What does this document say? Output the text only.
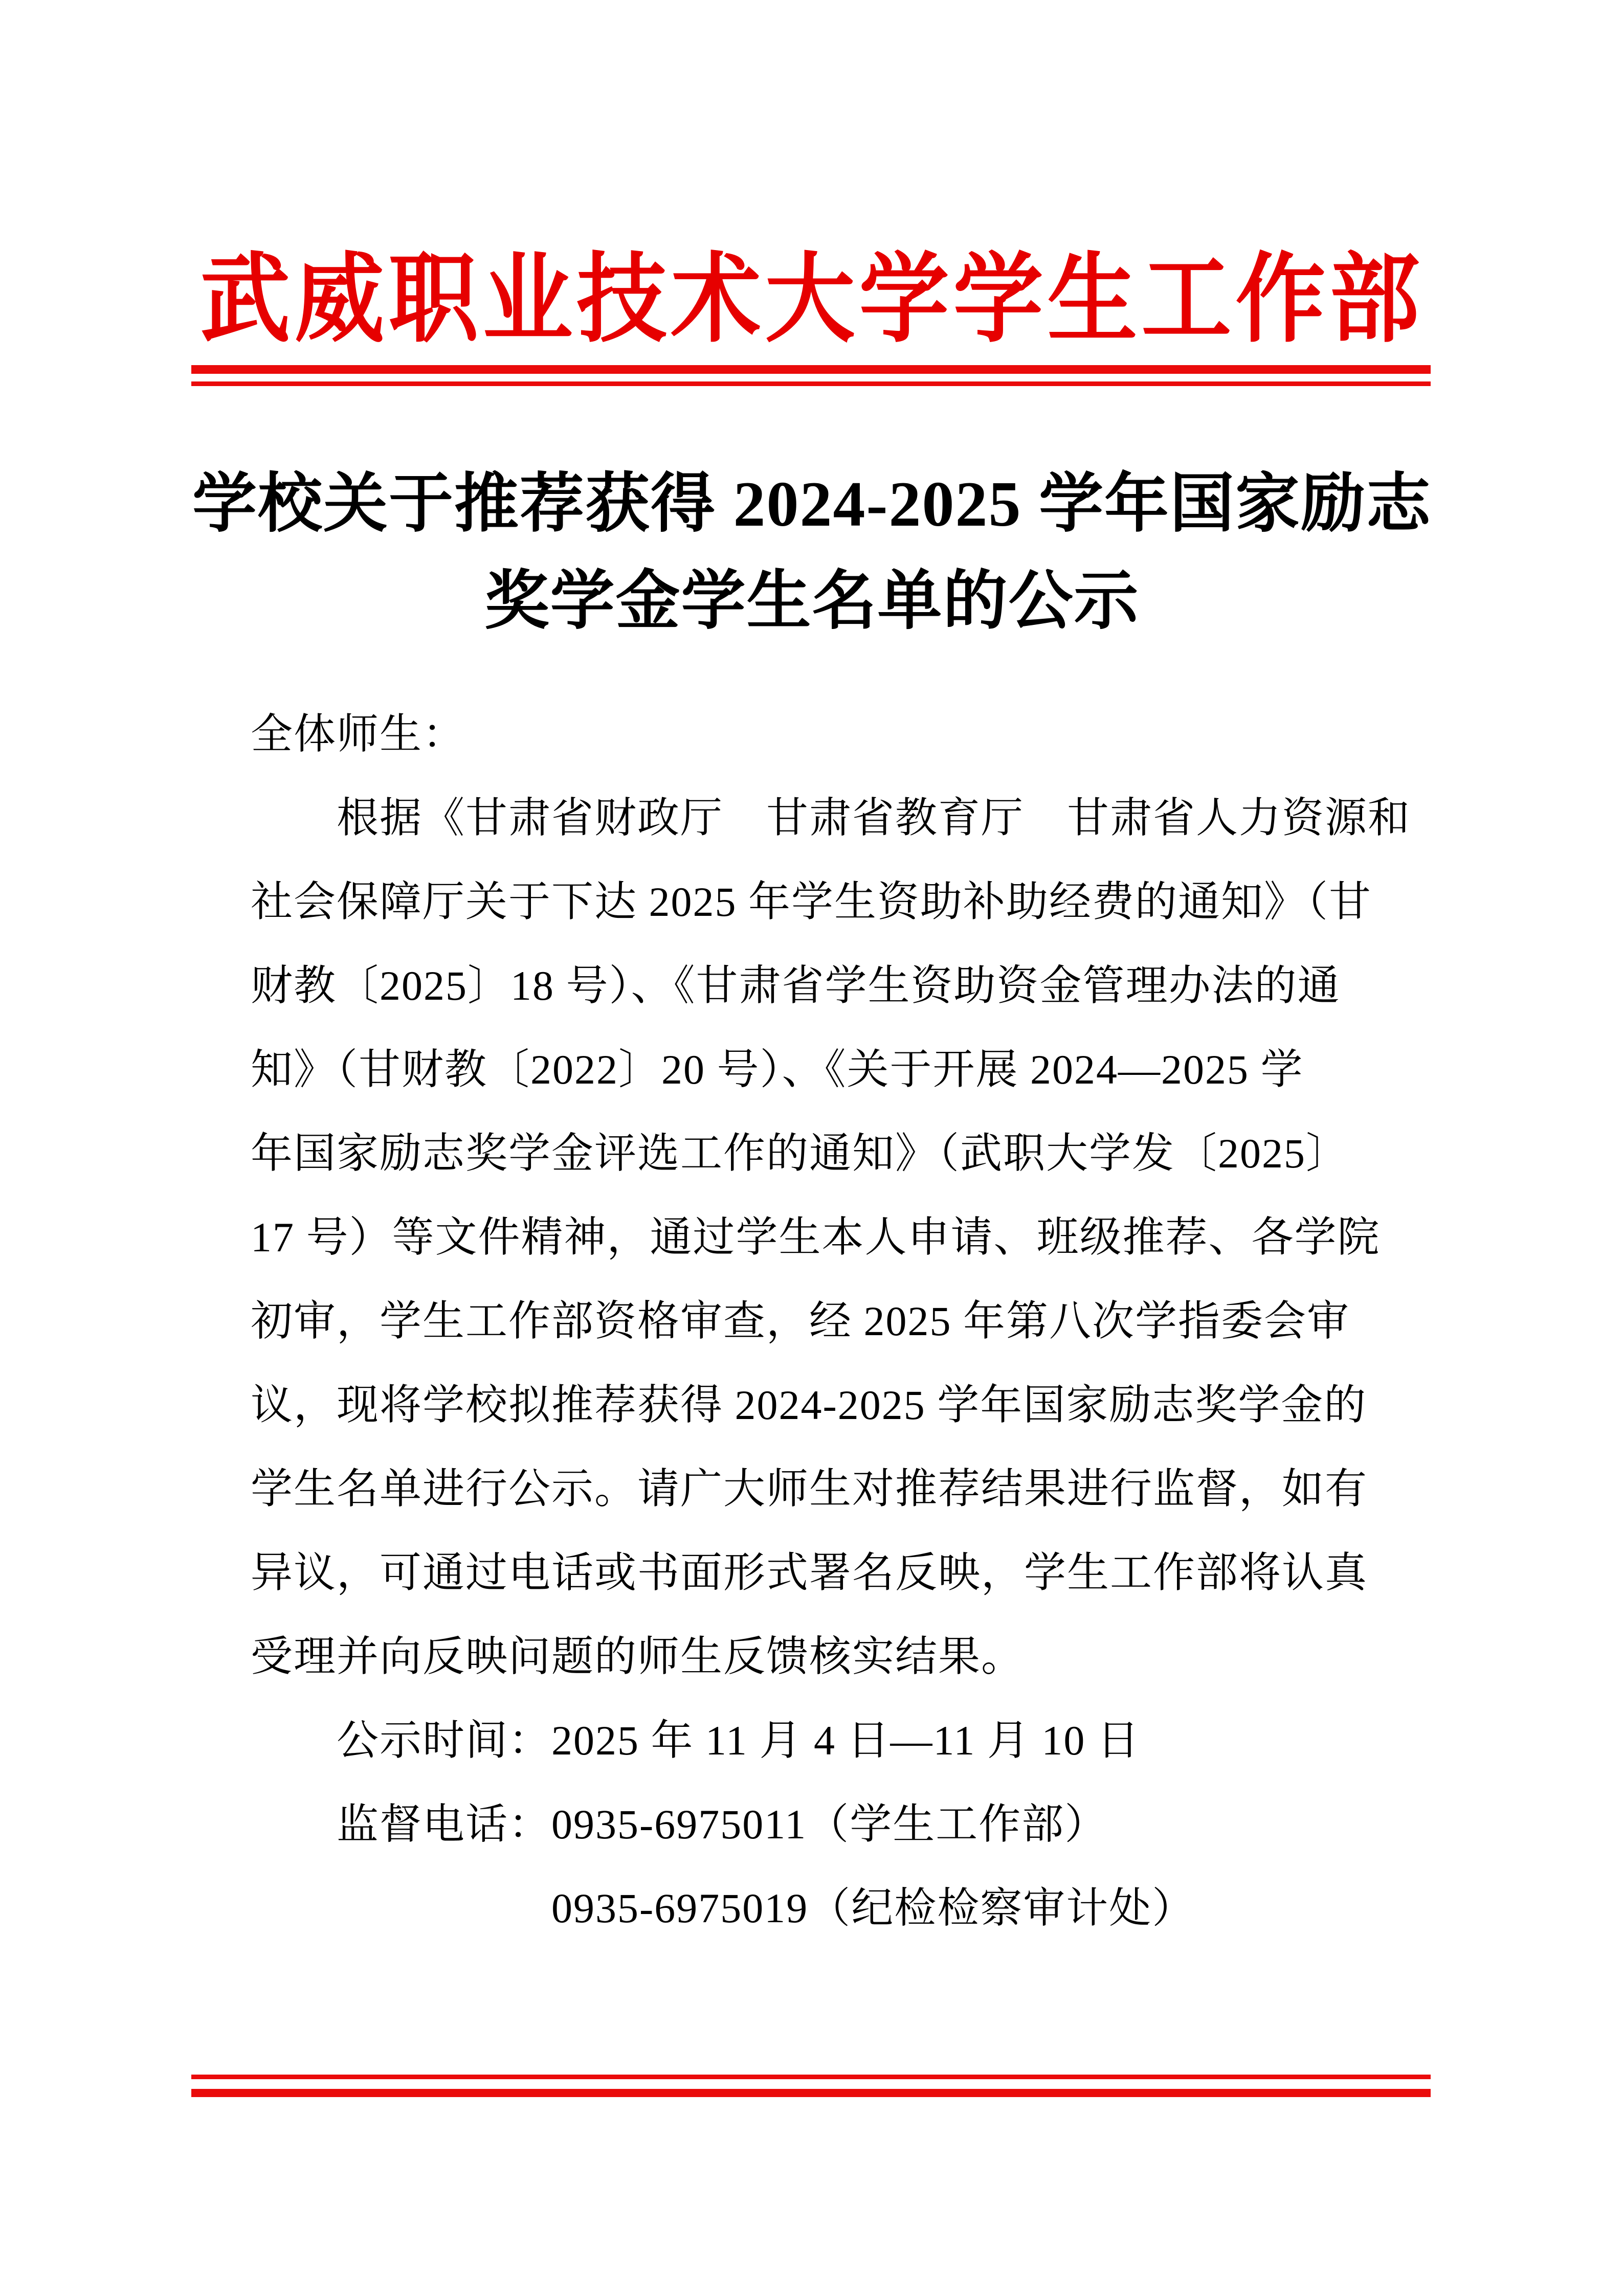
武威职业技术大学学生工作部
学校关于推荐获得 2024-2025 学年国家励志
奖学金学生名单的公示
全体师生：
根据《甘肃省财政厅　甘肃省教育厅　甘肃省人力资源和
社会保障厅关于下达 2025 年学生资助补助经费的通知》（甘
财教〔2025〕18 号）、《甘肃省学生资助资金管理办法的通
知》（甘财教〔2022〕20 号）、《关于开展 2024—2025 学
年国家励志奖学金评选工作的通知》（武职大学发〔2025〕
17 号）等文件精神，通过学生本人申请、班级推荐、各学院
初审，学生工作部资格审查，经 2025 年第八次学指委会审
议，现将学校拟推荐获得 2024-2025 学年国家励志奖学金的
学生名单进行公示。请广大师生对推荐结果进行监督，如有
异议，可通过电话或书面形式署名反映，学生工作部将认真
受理并向反映问题的师生反馈核实结果。
公示时间：2025 年 11 月 4 日—11 月 10 日
监督电话：0935-6975011（学生工作部）
0935-6975019（纪检检察审计处）
